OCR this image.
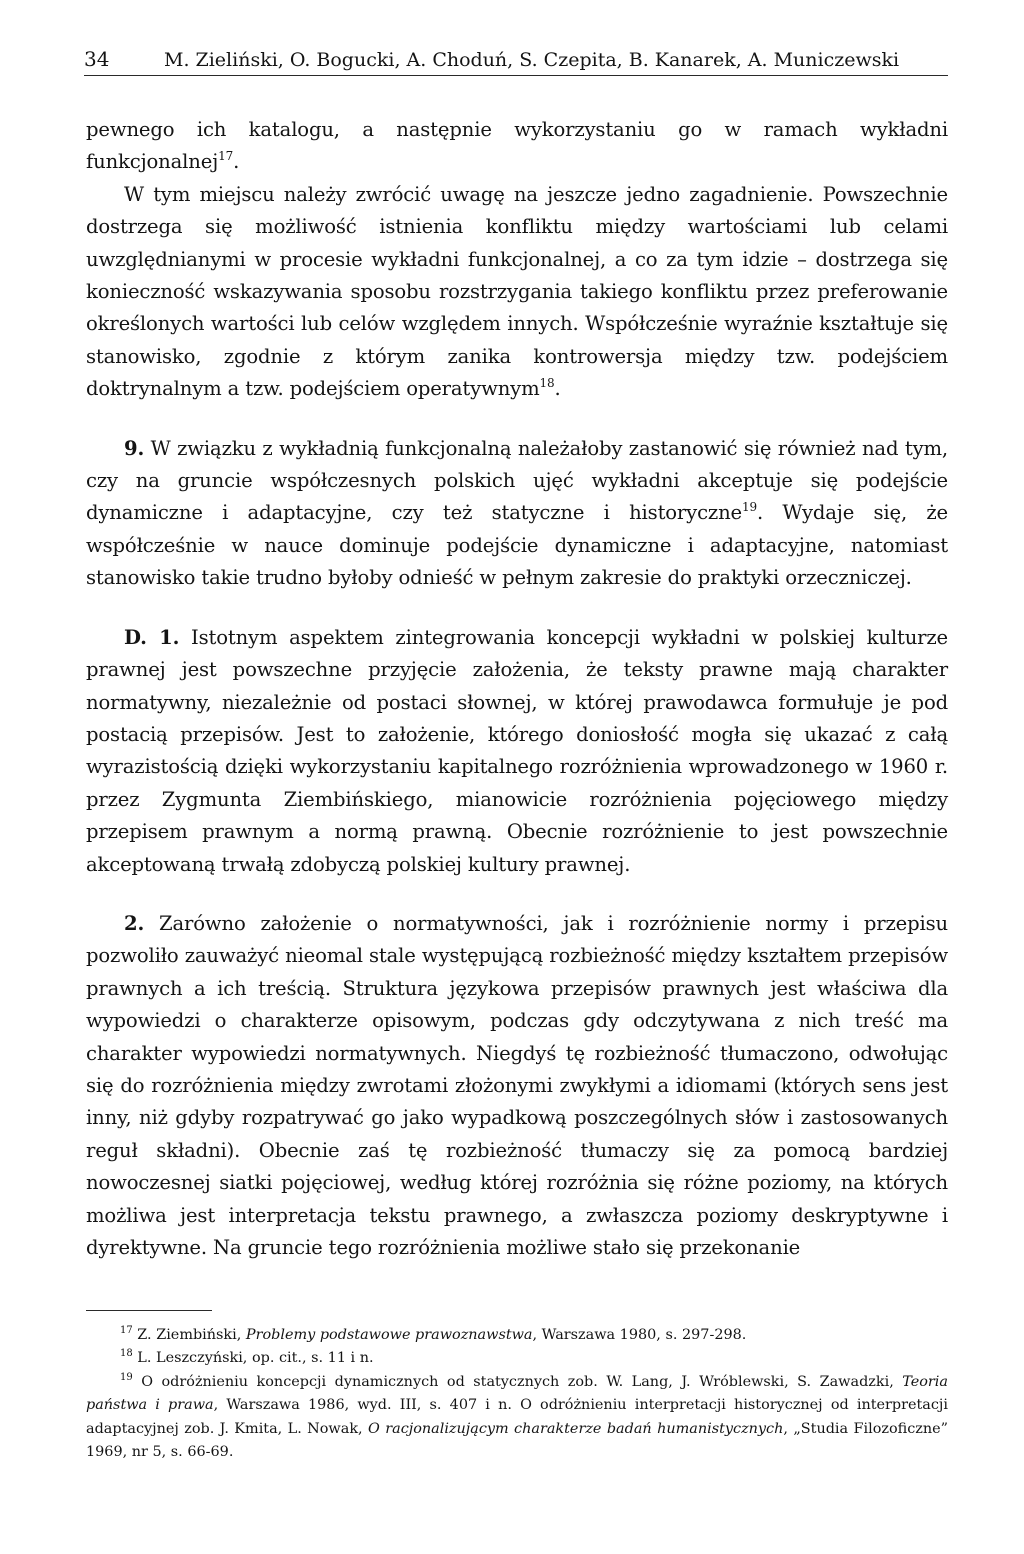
34	M. Zieliński, O. Bogucki, A. Choduń, S. Czepita, B. Kanarek, A. Municzewski

pewnego ich katalogu, a następnie wykorzystaniu go w ramach wykładni funkcjonalnej$^{17}$.

W tym miejscu należy zwrócić uwagę na jeszcze jedno zagadnienie. Powszechnie dostrzega się możliwość istnienia konfliktu między wartościami lub celami uwzględnianymi w procesie wykładni funkcjonalnej, a co za tym idzie – dostrzega się konieczność wskazywania sposobu rozstrzygania takiego konfliktu przez preferowanie określonych wartości lub celów względem innych. Współcześnie wyraźnie kształtuje się stanowisko, zgodnie z którym zanika kontrowersja między tzw. podejściem doktrynalnym a tzw. podejściem operatywnym$^{18}$.

9. W związku z wykładnią funkcjonalną należałoby zastanowić się również nad tym, czy na gruncie współczesnych polskich ujęć wykładni akceptuje się podejście dynamiczne i adaptacyjne, czy też statyczne i historyczne$^{19}$. Wydaje się, że współcześnie w nauce dominuje podejście dynamiczne i adaptacyjne, natomiast stanowisko takie trudno byłoby odnieść w pełnym zakresie do praktyki orzeczniczej.

D. 1. Istotnym aspektem zintegrowania koncepcji wykładni w polskiej kulturze prawnej jest powszechne przyjęcie założenia, że teksty prawne mają charakter normatywny, niezależnie od postaci słownej, w której prawodawca formułuje je pod postacią przepisów. Jest to założenie, którego doniosłość mogła się ukazać z całą wyrazistością dzięki wykorzystaniu kapitalnego rozróżnienia wprowadzonego w 1960 r. przez Zygmunta Ziembińskiego, mianowicie rozróżnienia pojęciowego między przepisem prawnym a normą prawną. Obecnie rozróżnienie to jest powszechnie akceptowaną trwałą zdobyczą polskiej kultury prawnej.

2. Zarówno założenie o normatywności, jak i rozróżnienie normy i przepisu pozwoliło zauważyć nieomal stale występującą rozbieżność między kształtem przepisów prawnych a ich treścią. Struktura językowa przepisów prawnych jest właściwa dla wypowiedzi o charakterze opisowym, podczas gdy odczytywana z nich treść ma charakter wypowiedzi normatywnych. Niegdyś tę rozbieżność tłumaczono, odwołując się do rozróżnienia między zwrotami złożonymi zwykłymi a idiomami (których sens jest inny, niż gdyby rozpatrywać go jako wypadkową poszczególnych słów i zastosowanych reguł składni). Obecnie zaś tę rozbieżność tłumaczy się za pomocą bardziej nowoczesnej siatki pojęciowej, według której rozróżnia się różne poziomy, na których możliwa jest interpretacja tekstu prawnego, a zwłaszcza poziomy deskryptywne i dyrektywne. Na gruncie tego rozróżnienia możliwe stało się przekonanie

$^{17}$ Z. Ziembiński, Problemy podstawowe prawoznawstwa, Warszawa 1980, s. 297-298.

$^{18}$ L. Leszczyński, op. cit., s. 11 i n.

$^{19}$ O odróżnieniu koncepcji dynamicznych od statycznych zob. W. Lang, J. Wróblewski, S. Zawadzki, Teoria państwa i prawa, Warszawa 1986, wyd. III, s. 407 i n. O odróżnieniu interpretacji historycznej od interpretacji adaptacyjnej zob. J. Kmita, L. Nowak, O racjonalizującym charakterze badań humanistycznych, „Studia Filozoficzne” 1969, nr 5, s. 66-69.
